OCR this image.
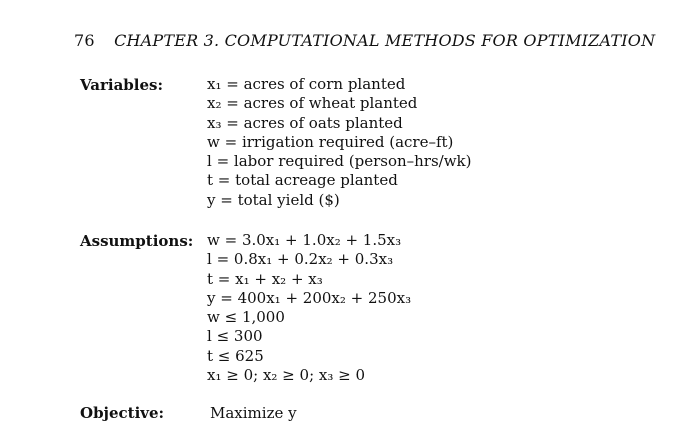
76 CHAPTER 3. COMPUTATIONAL METHODS FOR OPTIMIZATION
Variables:	x₁ = acres of corn planted
x₂ = acres of wheat planted
x₃ = acres of oats planted
w = irrigation required (acre–ft)
l = labor required (person–hrs/wk)
t = total acreage planted
y = total yield ($)
Assumptions: w = 3.0x₁ + 1.0x₂ + 1.5x₃
l = 0.8x₁ + 0.2x₂ + 0.3x₃
t = x₁ + x₂ + x₃
y = 400x₁ + 200x₂ + 250x₃
w ≤ 1,000
l ≤ 300
t ≤ 625
x₁ ≥ 0; x₂ ≥ 0; x₃ ≥ 0
Objective:	Maximize y
